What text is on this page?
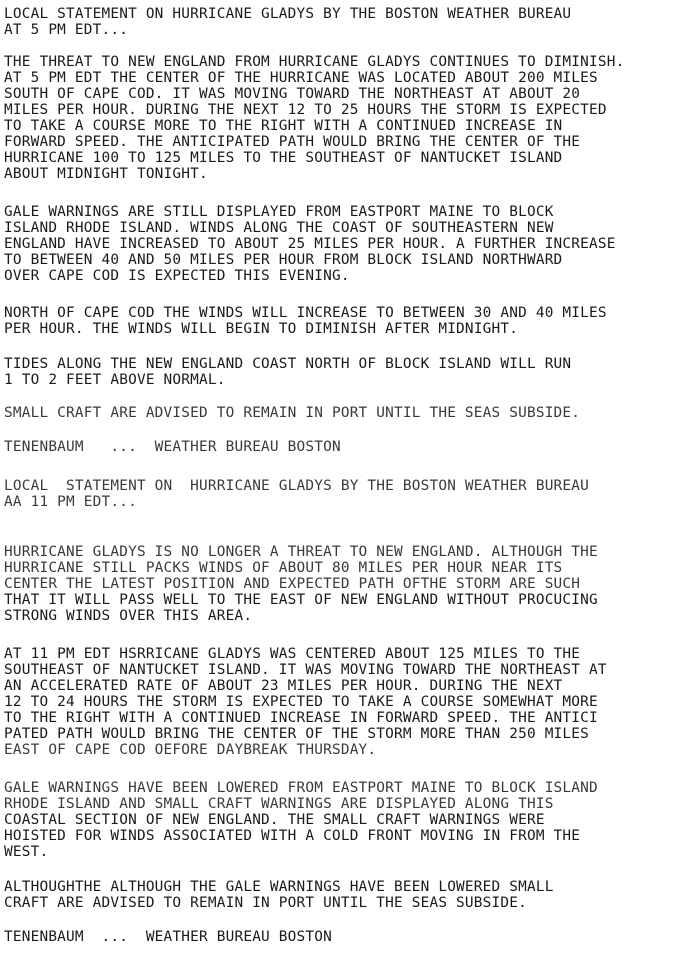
LOCAL STATEMENT ON HURRICANE GLADYS BY THE BOSTON WEATHER BUREAU
AT 5 PM EDT...
THE THREAT TO NEW ENGLAND FROM HURRICANE GLADYS CONTINUES TO DIMINISH.
AT 5 PM EDT THE CENTER OF THE HURRICANE WAS LOCATED ABOUT 200 MILES
SOUTH OF CAPE COD. IT WAS MOVING TOWARD THE NORTHEAST AT ABOUT 20
MILES PER HOUR. DURING THE NEXT 12 TO 25 HOURS THE STORM IS EXPECTED
TO TAKE A COURSE MORE TO THE RIGHT WITH A CONTINUED INCREASE IN
FORWARD SPEED. THE ANTICIPATED PATH WOULD BRING THE CENTER OF THE
HURRICANE 100 TO 125 MILES TO THE SOUTHEAST OF NANTUCKET ISLAND
ABOUT MIDNIGHT TONIGHT.
GALE WARNINGS ARE STILL DISPLAYED FROM EASTPORT MAINE TO BLOCK
ISLAND RHODE ISLAND. WINDS ALONG THE COAST OF SOUTHEASTERN NEW
ENGLAND HAVE INCREASED TO ABOUT 25 MILES PER HOUR. A FURTHER INCREASE
TO BETWEEN 40 AND 50 MILES PER HOUR FROM BLOCK ISLAND NORTHWARD
OVER CAPE COD IS EXPECTED THIS EVENING.
NORTH OF CAPE COD THE WINDS WILL INCREASE TO BETWEEN 30 AND 40 MILES
PER HOUR. THE WINDS WILL BEGIN TO DIMINISH AFTER MIDNIGHT.
TIDES ALONG THE NEW ENGLAND COAST NORTH OF BLOCK ISLAND WILL RUN
1 TO 2 FEET ABOVE NORMAL.
SMALL CRAFT ARE ADVISED TO REMAIN IN PORT UNTIL THE SEAS SUBSIDE.
TENENBAUM   ...  WEATHER BUREAU BOSTON
LOCAL  STATEMENT ON  HURRICANE GLADYS BY THE BOSTON WEATHER BUREAU
AA 11 PM EDT...
HURRICANE GLADYS IS NO LONGER A THREAT TO NEW ENGLAND. ALTHOUGH THE
HURRICANE STILL PACKS WINDS OF ABOUT 80 MILES PER HOUR NEAR ITS
CENTER THE LATEST POSITION AND EXPECTED PATH OFTHE STORM ARE SUCH
THAT IT WILL PASS WELL TO THE EAST OF NEW ENGLAND WITHOUT PROCUCING
STRONG WINDS OVER THIS AREA.
AT 11 PM EDT HSRRICANE GLADYS WAS CENTERED ABOUT 125 MILES TO THE
SOUTHEAST OF NANTUCKET ISLAND. IT WAS MOVING TOWARD THE NORTHEAST AT
AN ACCELERATED RATE OF ABOUT 23 MILES PER HOUR. DURING THE NEXT
12 TO 24 HOURS THE STORM IS EXPECTED TO TAKE A COURSE SOMEWHAT MORE
TO THE RIGHT WITH A CONTINUED INCREASE IN FORWARD SPEED. THE ANTICI
PATED PATH WOULD BRING THE CENTER OF THE STORM MORE THAN 250 MILES
EAST OF CAPE COD OEFORE DAYBREAK THURSDAY.
GALE WARNINGS HAVE BEEN LOWERED FROM EASTPORT MAINE TO BLOCK ISLAND
RHODE ISLAND AND SMALL CRAFT WARNINGS ARE DISPLAYED ALONG THIS
COASTAL SECTION OF NEW ENGLAND. THE SMALL CRAFT WARNINGS WERE
HOISTED FOR WINDS ASSOCIATED WITH A COLD FRONT MOVING IN FROM THE
WEST.
ALTHOUGHTHE ALTHOUGH THE GALE WARNINGS HAVE BEEN LOWERED SMALL
CRAFT ARE ADVISED TO REMAIN IN PORT UNTIL THE SEAS SUBSIDE.
TENENBAUM  ...  WEATHER BUREAU BOSTON
